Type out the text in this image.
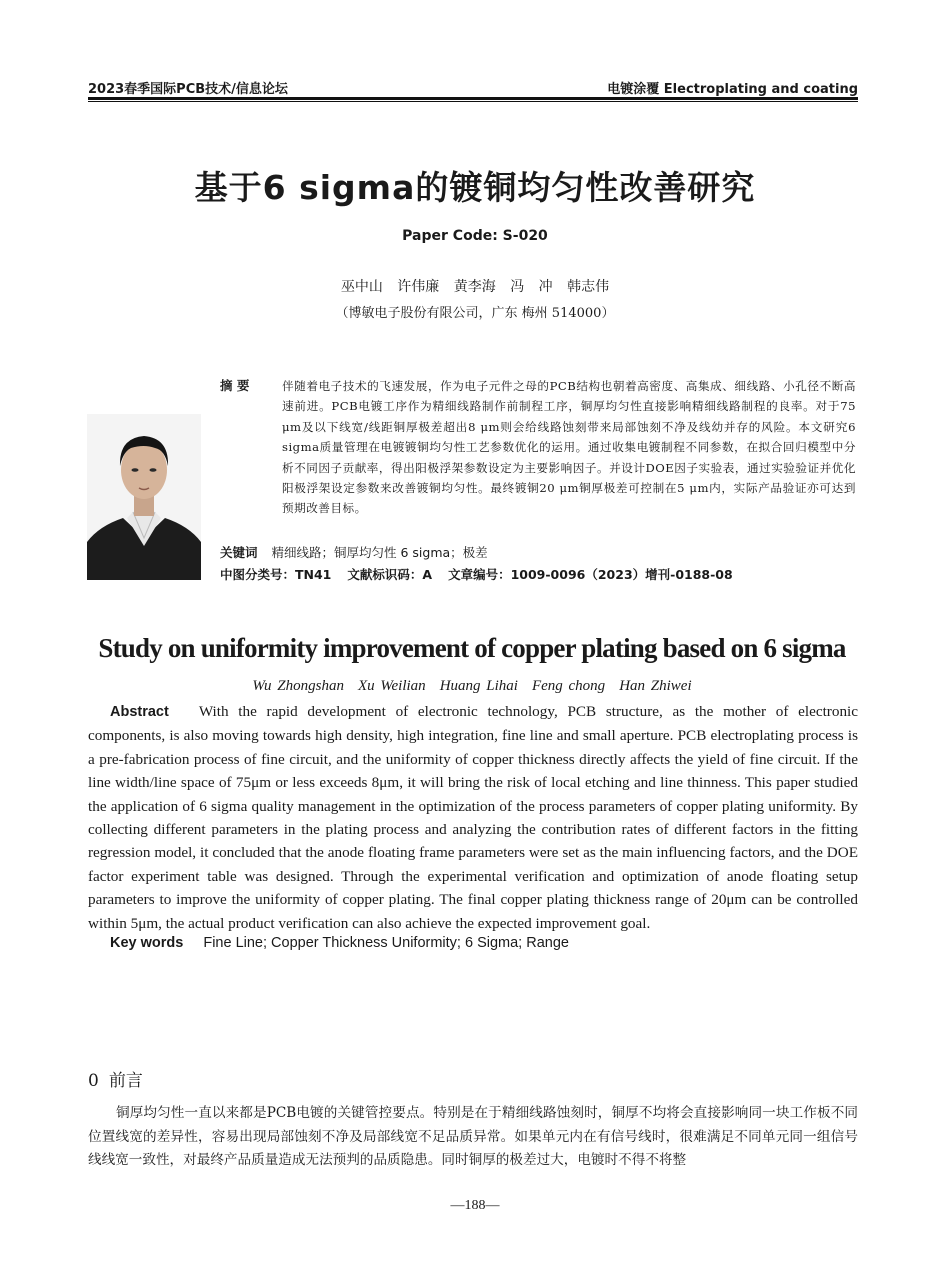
2023春季国际PCB技术/信息论坛	电镀涂覆 Electroplating and coating
基于6 sigma的镀铜均匀性改善研究
Paper Code: S-020
巫中山 许伟廉 黄李海 冯 冲 韩志伟
（博敏电子股份有限公司，广东 梅州 514000）
摘 要	伴随着电子技术的飞速发展，作为电子元件之母的PCB结构也朝着高密度、高集成、细线路、小孔径不断高速前进。PCB电镀工序作为精细线路制作前制程工序，铜厚均匀性直接影响精细线路制程的良率。对于75 μm及以下线宽/线距铜厚极差超出8 μm则会给线路蚀刻带来局部蚀刻不净及线幼并存的风险。本文研究6 sigma质量管理在电镀镀铜均匀性工艺参数优化的运用。通过收集电镀制程不同参数，在拟合回归模型中分析不同因子贡献率，得出阳极浮架参数设定为主要影响因子。并设计DOE因子实验表，通过实验验证并优化阳极浮架设定参数来改善镀铜均匀性。最终镀铜20 μm铜厚极差可控制在5 μm内，实际产品验证亦可达到预期改善目标。
关键词 精细线路；铜厚均匀性 6 sigma；极差
中图分类号：TN41 文献标识码：A 文章编号：1009-0096（2023）增刊-0188-08
Study on uniformity improvement of copper plating based on 6 sigma
Wu Zhongshan Xu Weilian Huang Lihai Feng chong Han Zhiwei
Abstract With the rapid development of electronic technology, PCB structure, as the mother of electronic components, is also moving towards high density, high integration, fine line and small aperture. PCB electroplating process is a pre-fabrication process of fine circuit, and the uniformity of copper thickness directly affects the yield of fine circuit. If the line width/line space of 75μm or less exceeds 8μm, it will bring the risk of local etching and line thinness. This paper studied the application of 6 sigma quality management in the optimization of the process parameters of copper plating uniformity. By collecting different parameters in the plating process and analyzing the contribution rates of different factors in the fitting regression model, it concluded that the anode floating frame parameters were set as the main influencing factors, and the DOE factor experiment table was designed. Through the experimental verification and optimization of anode floating setup parameters to improve the uniformity of copper plating. The final copper plating thickness range of 20μm can be controlled within 5μm, the actual product verification can also achieve the expected improvement goal.
Key words Fine Line; Copper Thickness Uniformity; 6 Sigma; Range
0 前言
铜厚均匀性一直以来都是PCB电镀的关键管控要点。特别是在于精细线路蚀刻时，铜厚不均将会直接影响同一块工作板不同位置线宽的差异性，容易出现局部蚀刻不净及局部线宽不足品质异常。如果单元内在有信号线时，很难满足不同单元同一组信号线线宽一致性，对最终产品质量造成无法预判的品质隐患。同时铜厚的极差过大，电镀时不得不将整
—188—
